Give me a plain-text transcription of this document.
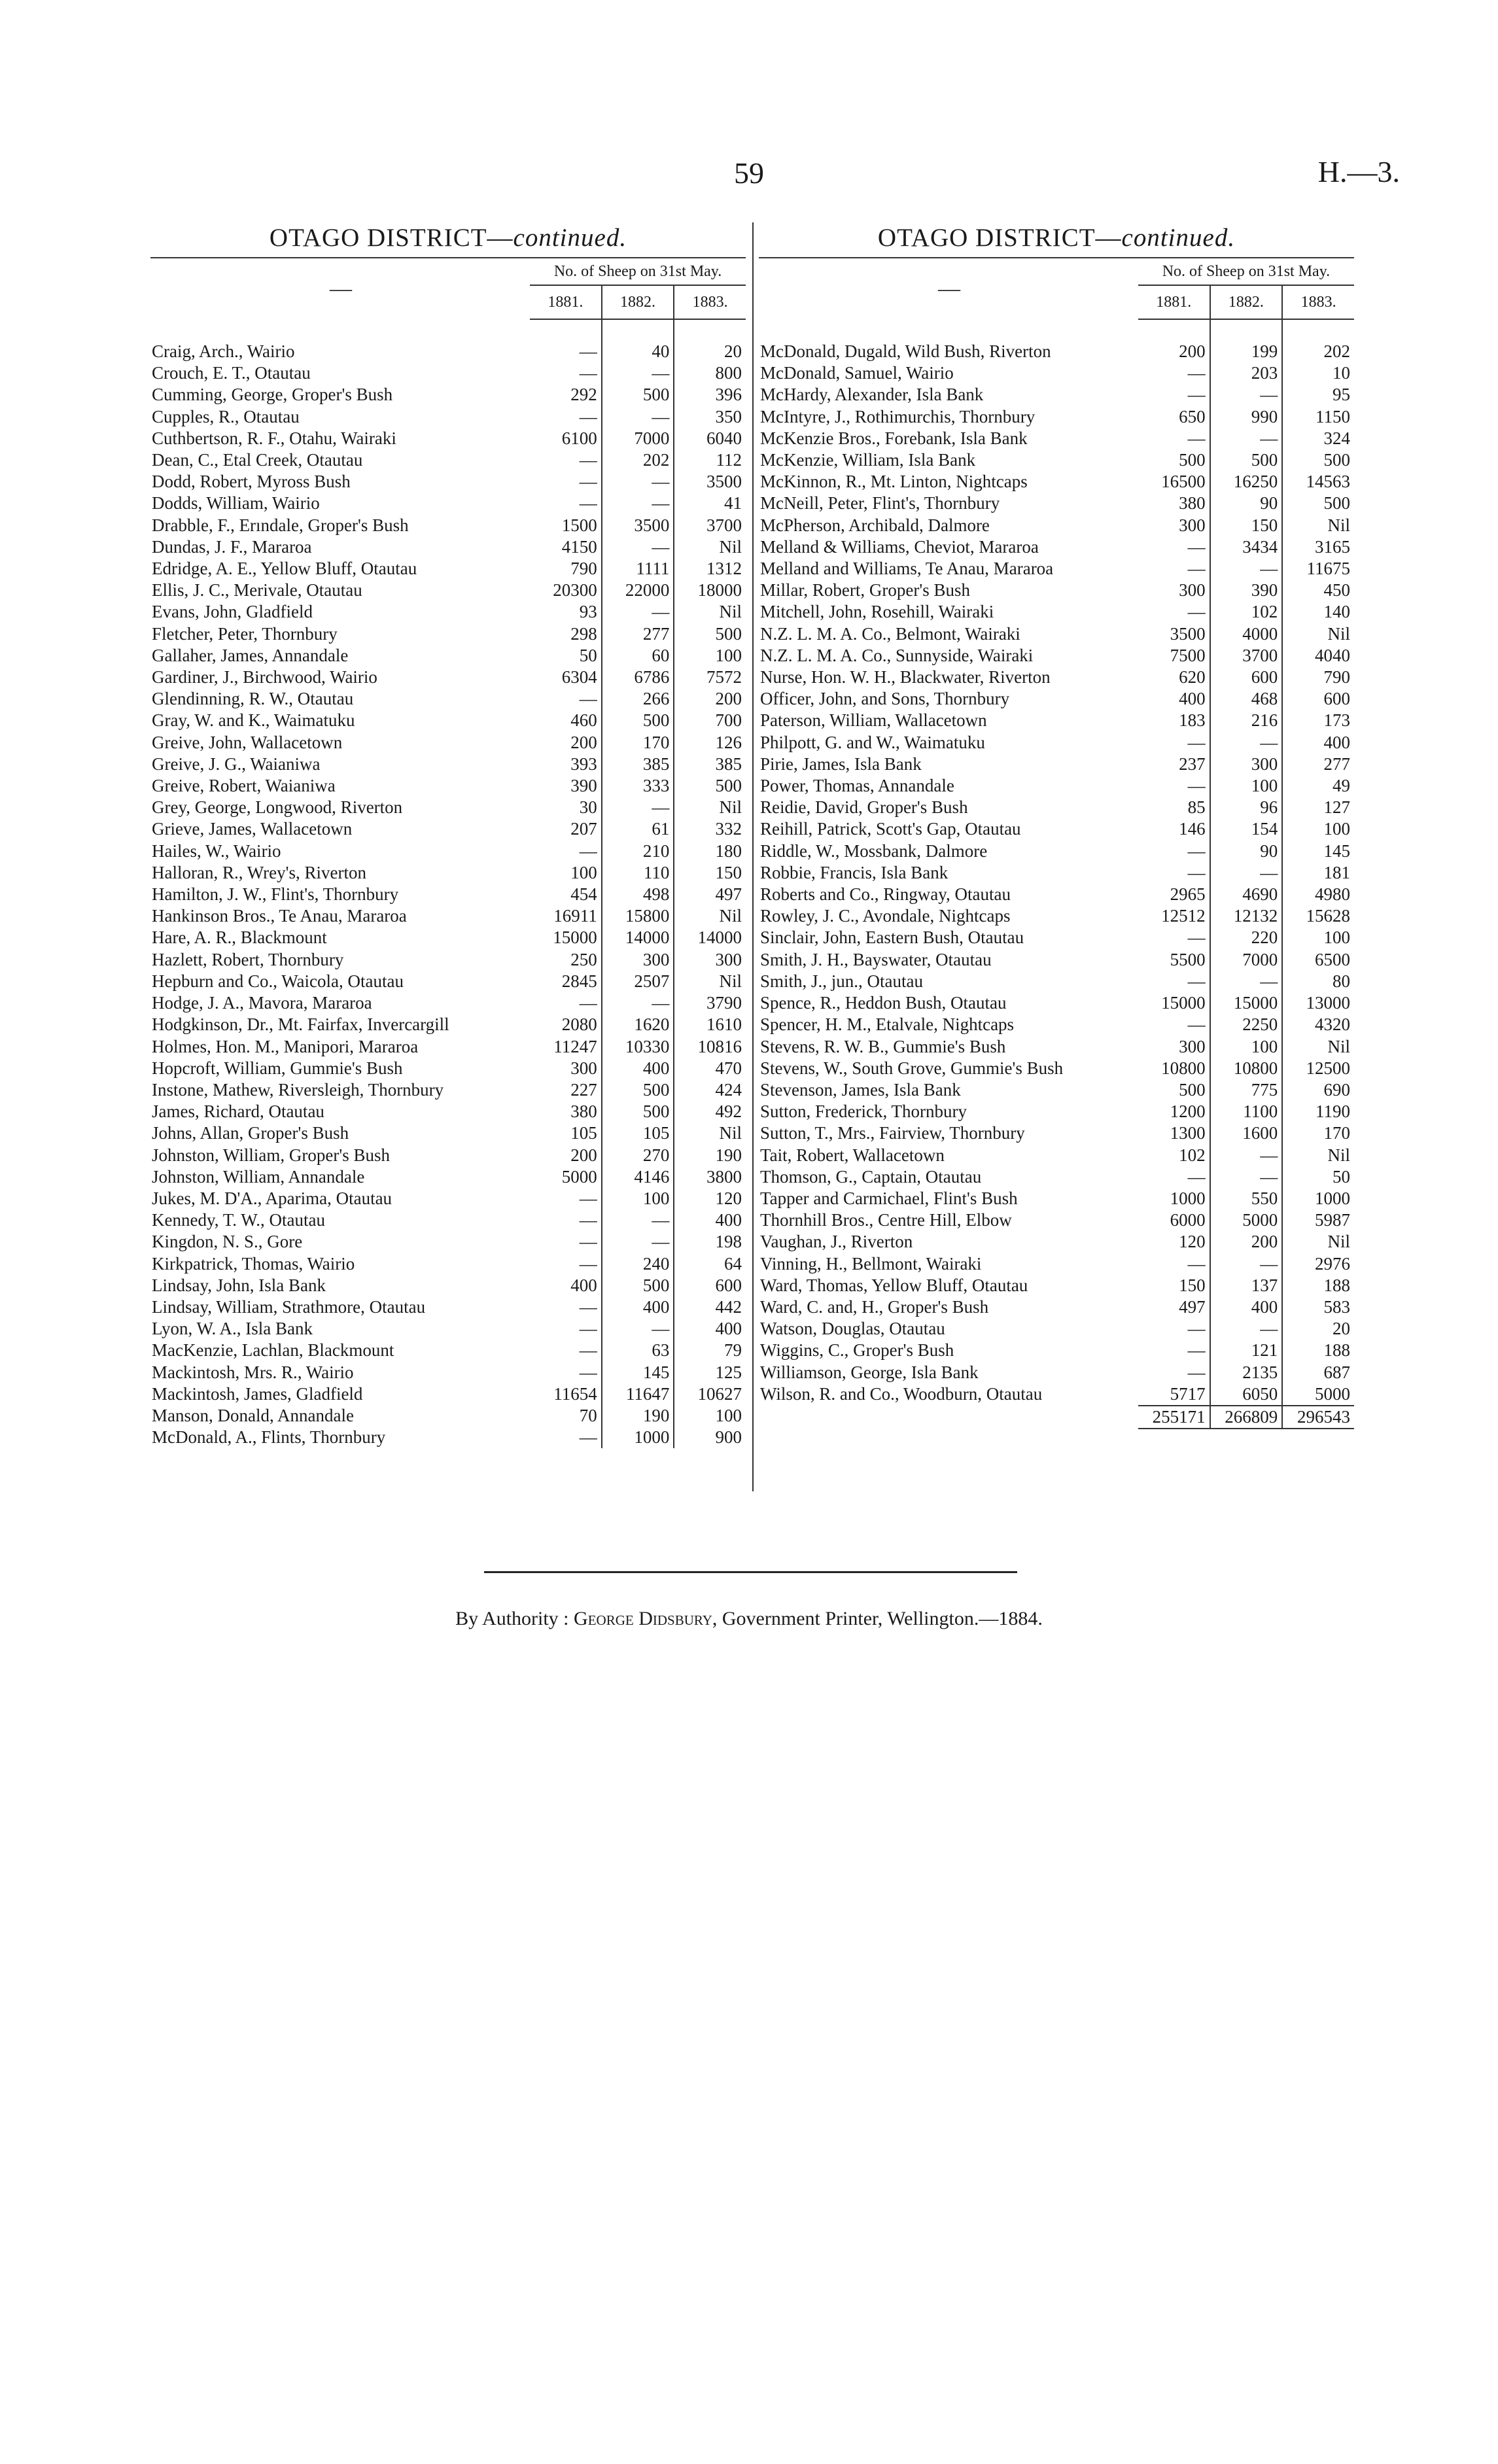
59	H.—3.
OTAGO DISTRICT—continued.
—	No. of Sheep on 31st May.		
	1881.	1882.	1883.

Craig, Arch., Wairio	—	40	20
Crouch, E. T., Otautau	—	—	800
Cumming, George, Groper's Bush	292	500	396
Cupples, R., Otautau	—	—	350
Cuthbertson, R. F., Otahu, Wairaki	6100	7000	6040
Dean, C., Etal Creek, Otautau	—	202	112
Dodd, Robert, Myross Bush	—	—	3500
Dodds, William, Wairio	—	—	41
Drabble, F., Erındale, Groper's Bush	1500	3500	3700
Dundas, J. F., Mararoa	4150	—	Nil
Edridge, A. E., Yellow Bluff, Otautau	790	1111	1312
Ellis, J. C., Merivale, Otautau	20300	22000	18000
Evans, John, Gladfield	93	—	Nil
Fletcher, Peter, Thornbury	298	277	500
Gallaher, James, Annandale	50	60	100
Gardiner, J., Birchwood, Wairio	6304	6786	7572
Glendinning, R. W., Otautau	—	266	200
Gray, W. and K., Waimatuku	460	500	700
Greive, John, Wallacetown	200	170	126
Greive, J. G., Waianiwa	393	385	385
Greive, Robert, Waianiwa	390	333	500
Grey, George, Longwood, Riverton	30	—	Nil
Grieve, James, Wallacetown	207	61	332
Hailes, W., Wairio	—	210	180
Halloran, R., Wrey's, Riverton	100	110	150
Hamilton, J. W., Flint's, Thornbury	454	498	497
Hankinson Bros., Te Anau, Mararoa	16911	15800	Nil
Hare, A. R., Blackmount	15000	14000	14000
Hazlett, Robert, Thornbury	250	300	300
Hepburn and Co., Waicola, Otautau	2845	2507	Nil
Hodge, J. A., Mavora, Mararoa	—	—	3790
Hodgkinson, Dr., Mt. Fairfax, Invercargill	2080	1620	1610
Holmes, Hon. M., Manipori, Mararoa	11247	10330	10816
Hopcroft, William, Gummie's Bush	300	400	470
Instone, Mathew, Riversleigh, Thornbury	227	500	424
James, Richard, Otautau	380	500	492
Johns, Allan, Groper's Bush	105	105	Nil
Johnston, William, Groper's Bush	200	270	190
Johnston, William, Annandale	5000	4146	3800
Jukes, M. D'A., Aparima, Otautau	—	100	120
Kennedy, T. W., Otautau	—	—	400
Kingdon, N. S., Gore	—	—	198
Kirkpatrick, Thomas, Wairio	—	240	64
Lindsay, John, Isla Bank	400	500	600
Lindsay, William, Strathmore, Otautau	—	400	442
Lyon, W. A., Isla Bank	—	—	400
MacKenzie, Lachlan, Blackmount	—	63	79
Mackintosh, Mrs. R., Wairio	—	145	125
Mackintosh, James, Gladfield	11654	11647	10627
Manson, Donald, Annandale	70	190	100
McDonald, A., Flints, Thornbury	—	1000	900
OTAGO DISTRICT—continued.
—	No. of Sheep on 31st May.		
	1881.	1882.	1883.

McDonald, Dugald, Wild Bush, Riverton	200	199	202
McDonald, Samuel, Wairio	—	203	10
McHardy, Alexander, Isla Bank	—	—	95
McIntyre, J., Rothimurchis, Thornbury	650	990	1150
McKenzie Bros., Forebank, Isla Bank	—	—	324
McKenzie, William, Isla Bank	500	500	500
McKinnon, R., Mt. Linton, Nightcaps	16500	16250	14563
McNeill, Peter, Flint's, Thornbury	380	90	500
McPherson, Archibald, Dalmore	300	150	Nil
Melland & Williams, Cheviot, Mararoa	—	3434	3165
Melland and Williams, Te Anau, Mararoa	—	—	11675
Millar, Robert, Groper's Bush	300	390	450
Mitchell, John, Rosehill, Wairaki	—	102	140
N.Z. L. M. A. Co., Belmont, Wairaki	3500	4000	Nil
N.Z. L. M. A. Co., Sunnyside, Wairaki	7500	3700	4040
Nurse, Hon. W. H., Blackwater, Riverton	620	600	790
Officer, John, and Sons, Thornbury	400	468	600
Paterson, William, Wallacetown	183	216	173
Philpott, G. and W., Waimatuku	—	—	400
Pirie, James, Isla Bank	237	300	277
Power, Thomas, Annandale	—	100	49
Reidie, David, Groper's Bush	85	96	127
Reihill, Patrick, Scott's Gap, Otautau	146	154	100
Riddle, W., Mossbank, Dalmore	—	90	145
Robbie, Francis, Isla Bank	—	—	181
Roberts and Co., Ringway, Otautau	2965	4690	4980
Rowley, J. C., Avondale, Nightcaps	12512	12132	15628
Sinclair, John, Eastern Bush, Otautau	—	220	100
Smith, J. H., Bayswater, Otautau	5500	7000	6500
Smith, J., jun., Otautau	—	—	80
Spence, R., Heddon Bush, Otautau	15000	15000	13000
Spencer, H. M., Etalvale, Nightcaps	—	2250	4320
Stevens, R. W. B., Gummie's Bush	300	100	Nil
Stevens, W., South Grove, Gummie's Bush	10800	10800	12500
Stevenson, James, Isla Bank	500	775	690
Sutton, Frederick, Thornbury	1200	1100	1190
Sutton, T., Mrs., Fairview, Thornbury	1300	1600	170
Tait, Robert, Wallacetown	102	—	Nil
Thomson, G., Captain, Otautau	—	—	50
Tapper and Carmichael, Flint's Bush	1000	550	1000
Thornhill Bros., Centre Hill, Elbow	6000	5000	5987
Vaughan, J., Riverton	120	200	Nil
Vinning, H., Bellmont, Wairaki	—	—	2976
Ward, Thomas, Yellow Bluff, Otautau	150	137	188
Ward, C. and, H., Groper's Bush	497	400	583
Watson, Douglas, Otautau	—	—	20
Wiggins, C., Groper's Bush	—	121	188
Williamson, George, Isla Bank	—	2135	687
Wilson, R. and Co., Woodburn, Otautau	5717	6050	5000
	255171	266809	296543
By Authority : George Didsbury, Government Printer, Wellington.—1884.
